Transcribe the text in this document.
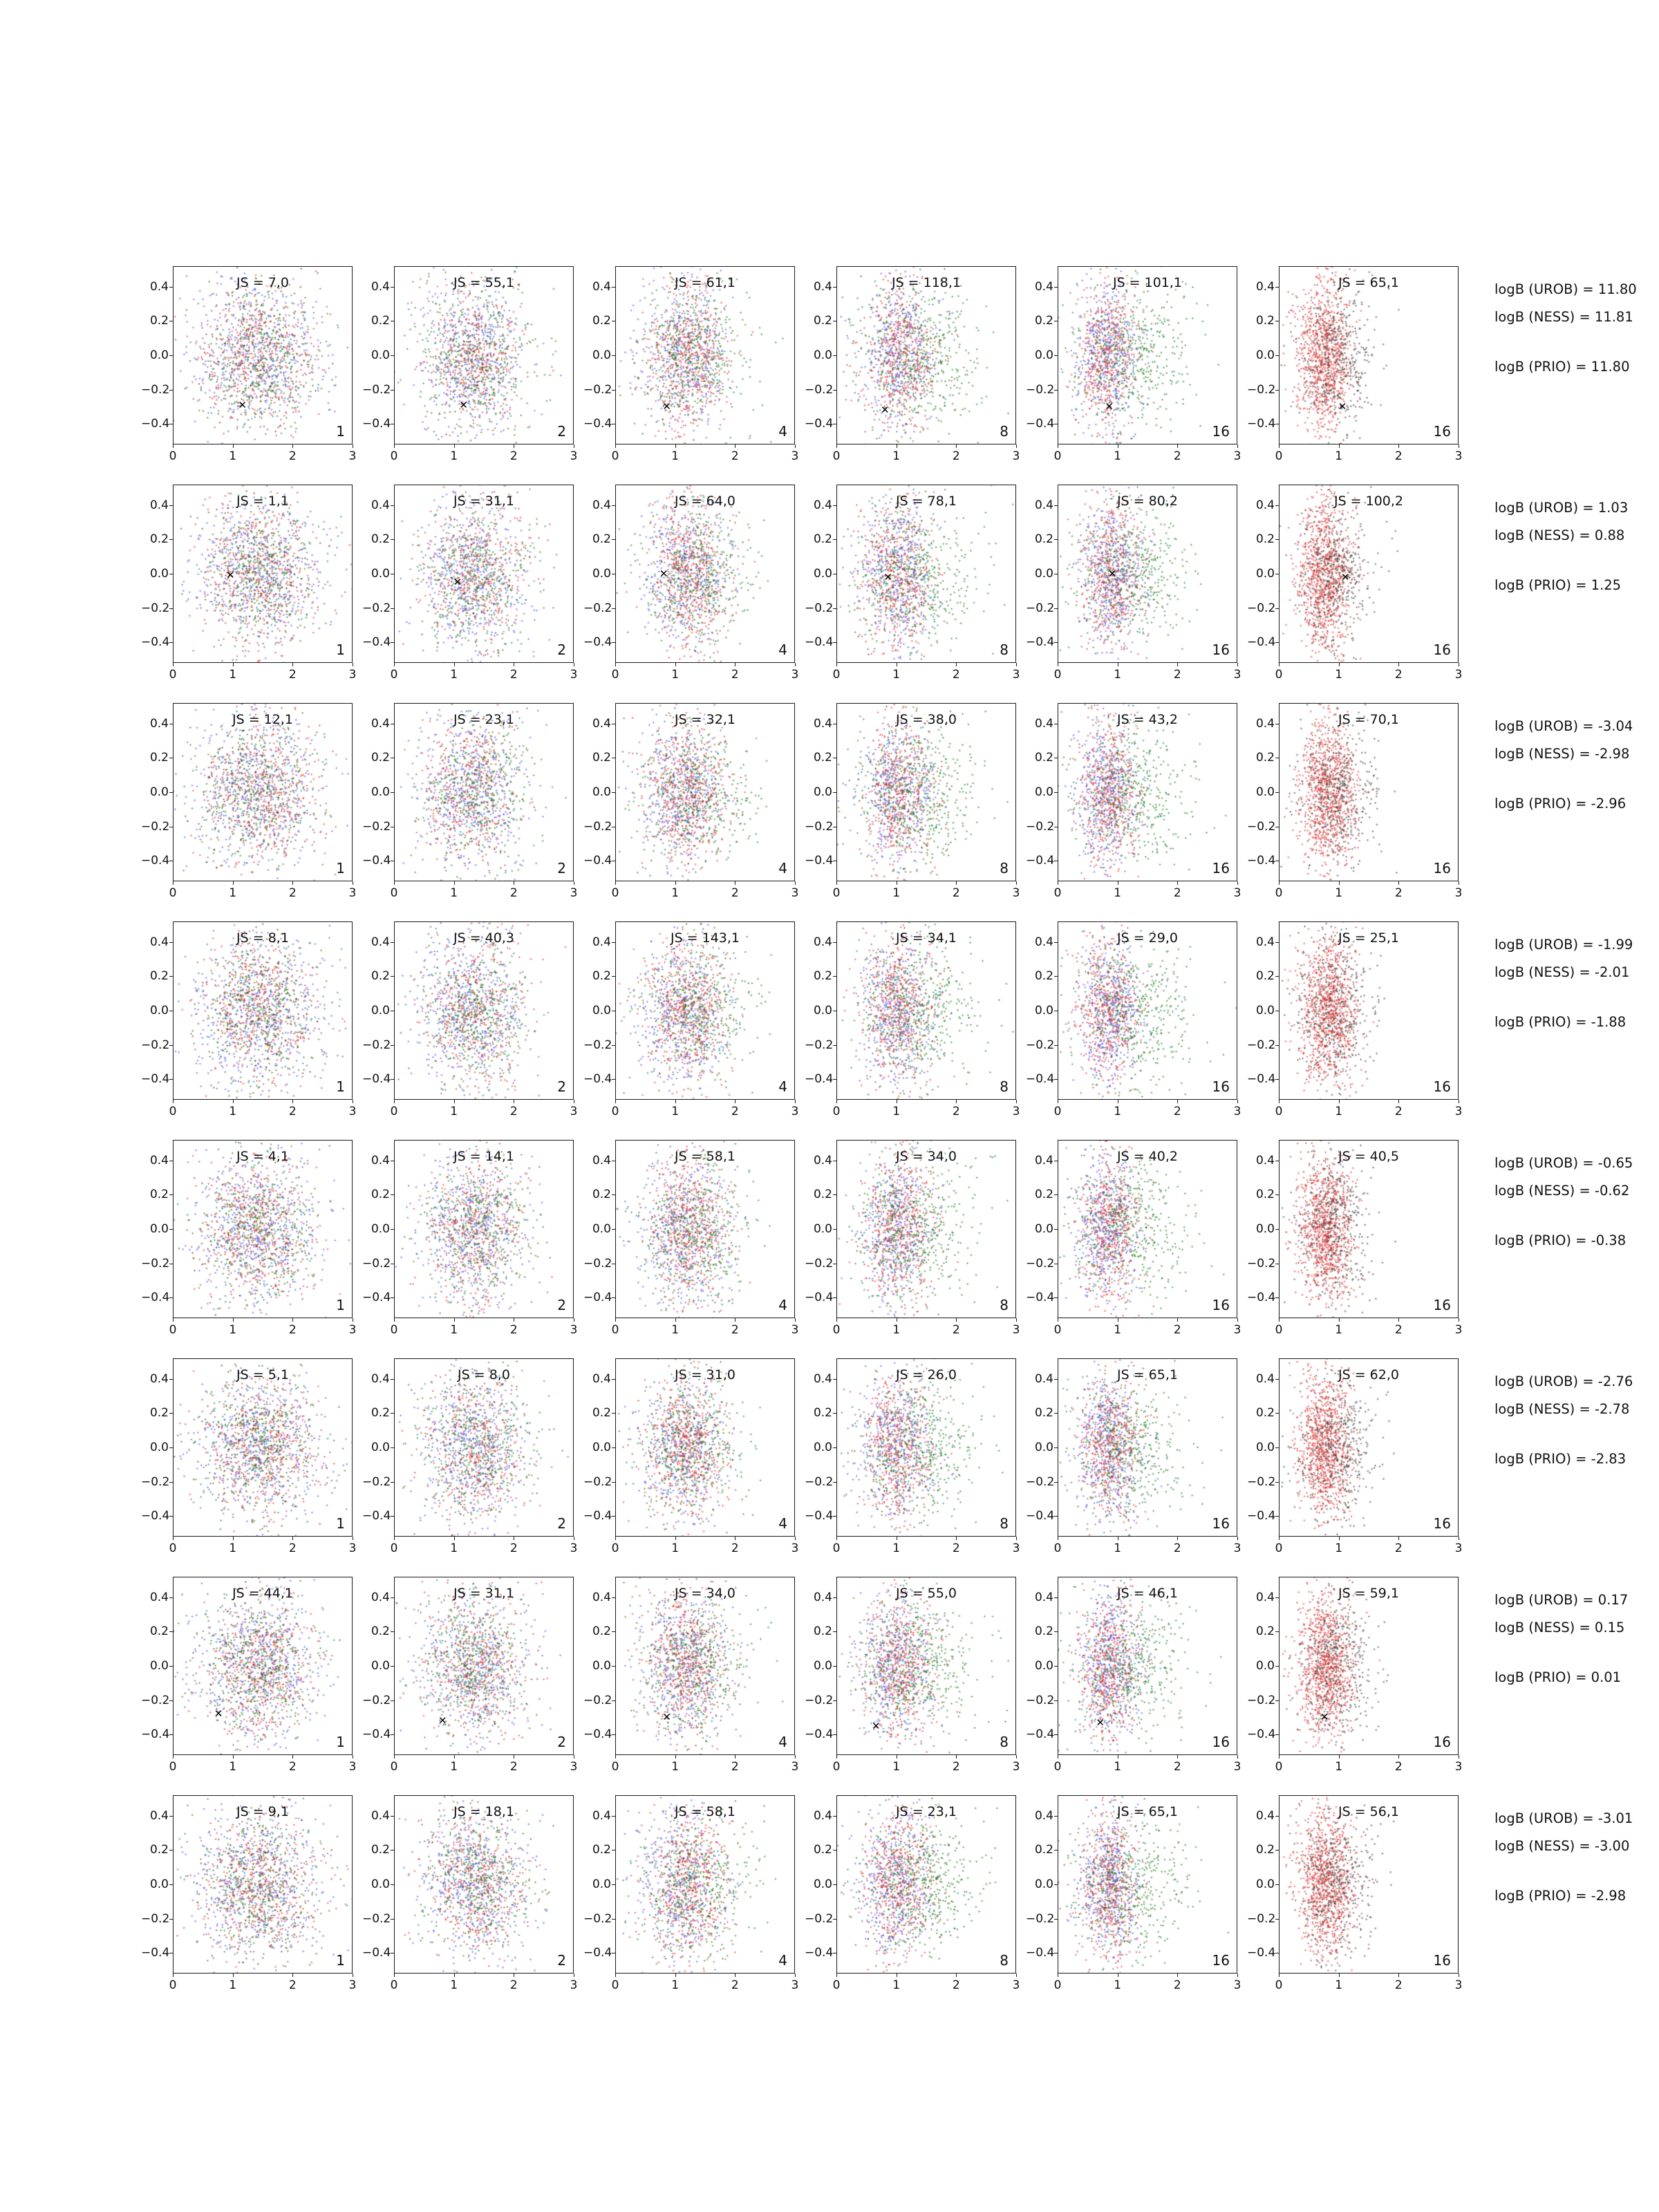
JS = 7,0
1
✕
0.4
0.2
0.0
−0.2
−0.4
0	1	2	3
JS = 55,1
2
✕
0.4
0.2
0.0
−0.2
−0.4
0	1	2	3
JS = 61,1
4
✕
0.4
0.2
0.0
−0.2
−0.4
0	1	2	3
JS = 118,1
8
✕
0.4
0.2
0.0
−0.2
−0.4
0	1	2	3
JS = 101,1
16
✕
0.4
0.2
0.0
−0.2
−0.4
0	1	2	3
JS = 65,1
16
✕
0.4
0.2
0.0
−0.2
−0.4
0	1	2	3
logB (UROB) = 11.80
logB (NESS) = 11.81
logB (PRIO) = 11.80
JS = 1,1
1
✕
0.4
0.2
0.0
−0.2
−0.4
0	1	2	3
JS = 31,1
2
✕
0.4
0.2
0.0
−0.2
−0.4
0	1	2	3
JS = 64,0
4
✕
0.4
0.2
0.0
−0.2
−0.4
0	1	2	3
JS = 78,1
8
✕
0.4
0.2
0.0
−0.2
−0.4
0	1	2	3
JS = 80,2
16
✕
0.4
0.2
0.0
−0.2
−0.4
0	1	2	3
JS = 100,2
16
✕
0.4
0.2
0.0
−0.2
−0.4
0	1	2	3
logB (UROB) = 1.03
logB (NESS) = 0.88
logB (PRIO) = 1.25
JS = 12,1
1
0.4
0.2
0.0
−0.2
−0.4
0	1	2	3
JS = 23,1
2
0.4
0.2
0.0
−0.2
−0.4
0	1	2	3
JS = 32,1
4
0.4
0.2
0.0
−0.2
−0.4
0	1	2	3
JS = 38,0
8
0.4
0.2
0.0
−0.2
−0.4
0	1	2	3
JS = 43,2
16
0.4
0.2
0.0
−0.2
−0.4
0	1	2	3
JS = 70,1
16
0.4
0.2
0.0
−0.2
−0.4
0	1	2	3
logB (UROB) = -3.04
logB (NESS) = -2.98
logB (PRIO) = -2.96
JS = 8,1
1
0.4
0.2
0.0
−0.2
−0.4
0	1	2	3
JS = 40,3
2
0.4
0.2
0.0
−0.2
−0.4
0	1	2	3
JS = 143,1
4
0.4
0.2
0.0
−0.2
−0.4
0	1	2	3
JS = 34,1
8
0.4
0.2
0.0
−0.2
−0.4
0	1	2	3
JS = 29,0
16
0.4
0.2
0.0
−0.2
−0.4
0	1	2	3
JS = 25,1
16
0.4
0.2
0.0
−0.2
−0.4
0	1	2	3
logB (UROB) = -1.99
logB (NESS) = -2.01
logB (PRIO) = -1.88
JS = 4,1
1
0.4
0.2
0.0
−0.2
−0.4
0	1	2	3
JS = 14,1
2
0.4
0.2
0.0
−0.2
−0.4
0	1	2	3
JS = 58,1
4
0.4
0.2
0.0
−0.2
−0.4
0	1	2	3
JS = 34,0
8
0.4
0.2
0.0
−0.2
−0.4
0	1	2	3
JS = 40,2
16
0.4
0.2
0.0
−0.2
−0.4
0	1	2	3
JS = 40,5
16
0.4
0.2
0.0
−0.2
−0.4
0	1	2	3
logB (UROB) = -0.65
logB (NESS) = -0.62
logB (PRIO) = -0.38
JS = 5,1
1
0.4
0.2
0.0
−0.2
−0.4
0	1	2	3
JS = 8,0
2
0.4
0.2
0.0
−0.2
−0.4
0	1	2	3
JS = 31,0
4
0.4
0.2
0.0
−0.2
−0.4
0	1	2	3
JS = 26,0
8
0.4
0.2
0.0
−0.2
−0.4
0	1	2	3
JS = 65,1
16
0.4
0.2
0.0
−0.2
−0.4
0	1	2	3
JS = 62,0
16
0.4
0.2
0.0
−0.2
−0.4
0	1	2	3
logB (UROB) = -2.76
logB (NESS) = -2.78
logB (PRIO) = -2.83
JS = 44,1
1
✕
0.4
0.2
0.0
−0.2
−0.4
0	1	2	3
JS = 31,1
2
✕
0.4
0.2
0.0
−0.2
−0.4
0	1	2	3
JS = 34,0
4
✕
0.4
0.2
0.0
−0.2
−0.4
0	1	2	3
JS = 55,0
8
✕
0.4
0.2
0.0
−0.2
−0.4
0	1	2	3
JS = 46,1
16
✕
0.4
0.2
0.0
−0.2
−0.4
0	1	2	3
JS = 59,1
16
✕
0.4
0.2
0.0
−0.2
−0.4
0	1	2	3
logB (UROB) = 0.17
logB (NESS) = 0.15
logB (PRIO) = 0.01
JS = 9,1
1
0.4
0.2
0.0
−0.2
−0.4
0	1	2	3
JS = 18,1
2
0.4
0.2
0.0
−0.2
−0.4
0	1	2	3
JS = 58,1
4
0.4
0.2
0.0
−0.2
−0.4
0	1	2	3
JS = 23,1
8
0.4
0.2
0.0
−0.2
−0.4
0	1	2	3
JS = 65,1
16
0.4
0.2
0.0
−0.2
−0.4
0	1	2	3
JS = 56,1
16
0.4
0.2
0.0
−0.2
−0.4
0	1	2	3
logB (UROB) = -3.01
logB (NESS) = -3.00
logB (PRIO) = -2.98
